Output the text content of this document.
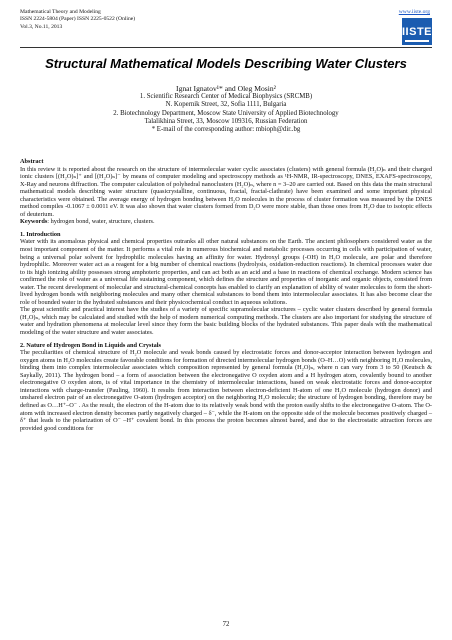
Mathematical Theory and Modeling
ISSN 2224-5804 (Paper) ISSN 2225-0522 (Online)
Vol.3, No.11, 2013
www.iiste.org
IISTE
Structural Mathematical Models Describing Water Clusters
Ignat Ignatov¹* and Oleg Mosin²
1. Scientific Research Center of Medical Biophysics (SRCMB)
N. Kopernik Street, 32, Sofia 1111, Bulgaria
2. Biotechnology Department, Moscow State University of Applied Biotechnology
Talalikhina Street, 33, Moscow 109316, Russian Federation
* E-mail of the corresponding author: mbioph@dir..bg

Abstract

In this review it is reported about the research on the structure of intermolecular water cyclic associates (clusters) with general formula (H₂O)ₙ and their charged ionic clusters [(H₂O)ₙ]⁺ and [(H₂O)ₙ]⁻ by means of computer modeling and spectroscopy methods as ¹H-NMR, IR-spectroscopy, DNES, EXAFS-spectroscopy, X-Ray and neurons diffraction. The computer calculation of polyhedral nanoclusters (H₂O)ₙ, where n = 3–20 are carried out. Based on this data the main structural mathematical models describing water structure (quasicrystalline, continuous, fractal, fractal-clathrate) have been examined and some important physical characteristics were obtained. The average energy of hydrogen bonding between H₂O molecules in the process of cluster formation was measured by the DNES method compiles -0.1067 ± 0.0011 eV. It was also shown that water clusters formed from D₂O were more stable, than those ones from H₂O due to isotopic effects of deuterium.

Keywords: hydrogen bond, water, structure, clusters.

1. Introduction

Water with its anomalous physical and chemical properties outranks all other natural substances on the Earth. The ancient philosophers considered water as the most important component of the matter. It performs a vital role in numerous biochemical and metabolic processes occurring in cells with participation of water, being a universal polar solvent for hydrophilic molecules having an affinity for water. Hydroxyl groups (-OH) in H₂O molecule, are polar and therefore hydrophilic. Moreover water act as a reagent for a big number of chemical reactions (hydrolysis, oxidation-reduction reactions). In chemical processes water due to its high ionizing ability possesses strong amphoteric properties, and can act both as an acid and a base in reactions of chemical exchange. Modern science has confirmed the role of water as a universal life sustaining component, which defines the structure and properties of inorganic and organic objects, consisted from water. The recent development of molecular and structural-chemical concepts has enabled to clarify an explanation of ability of water molecules to form the short-lived hydrogen bonds with neighboring molecules and many other chemical substances to bond them into intermolecular associates. It has also become clear the role of bounded water in the hydrated substances and their physicochemical conduct in aqueous solutions.

The great scientific and practical interest have the studies of a variety of specific supramolecular structures – cyclic water clusters described by general formula (H₂O)ₙ, which may be calculated and studied with the help of modern numerical computing methods. The clusters are also important for studying the structure of water and hydration phenomena at molecular level since they form the basic building blocks of the hydrated substances. This paper deals with the mathematical modeling of the water structure and water associates.

2. Nature of Hydrogen Bond in Liquids and Crystals

The peculiarities of chemical structure of H₂O molecule and weak bonds caused by electrostatic forces and donor-acceptor interaction between hydrogen and oxygen atoms in H₂O molecules create favorable conditions for formation of directed intermolecular hydrogen bonds (O–H…O) with neighboring H₂O molecules, binding them into complex intermolecular associates which composition represented by general formula (H₂O)ₙ, where n can vary from 3 to 50 (Keutsch & Saykally, 2011). The hydrogen bond – a form of association between the electronegative O oxyden atom and a H hydrogen atom, covalently bound to another electronegative O oxyden atom, is of vital importance in the chemistry of intermolecular interactions, based on weak electrostatic forces and donor-acceptor interactions with charge-transfer (Pauling, 1960). It results from interaction between electron-deficient H-atom of one H₂O molecule (hydrogen donor) and unshared electron pair of an electronegative O-atom (hydrogen acceptor) on the neighboring H₂O molecule; the structure of hydrogen bonding, therefore may be defined as O…H⁺–O⁻ . As the result, the electron of the H-atom due to its relatively weak bond with the proton easily shifts to the electronegative O-atom. The O-atom with increased electron density becomes partly negatively charged – δ⁻, while the H-atom on the opposite side of the molecule becomes positively charged – δ⁺ that leads to the polarization of O⁻ –H⁺ covalent bond. In this process the proton becomes almost bared, and due to the electrostatic attraction forces are provided good conditions for

72
